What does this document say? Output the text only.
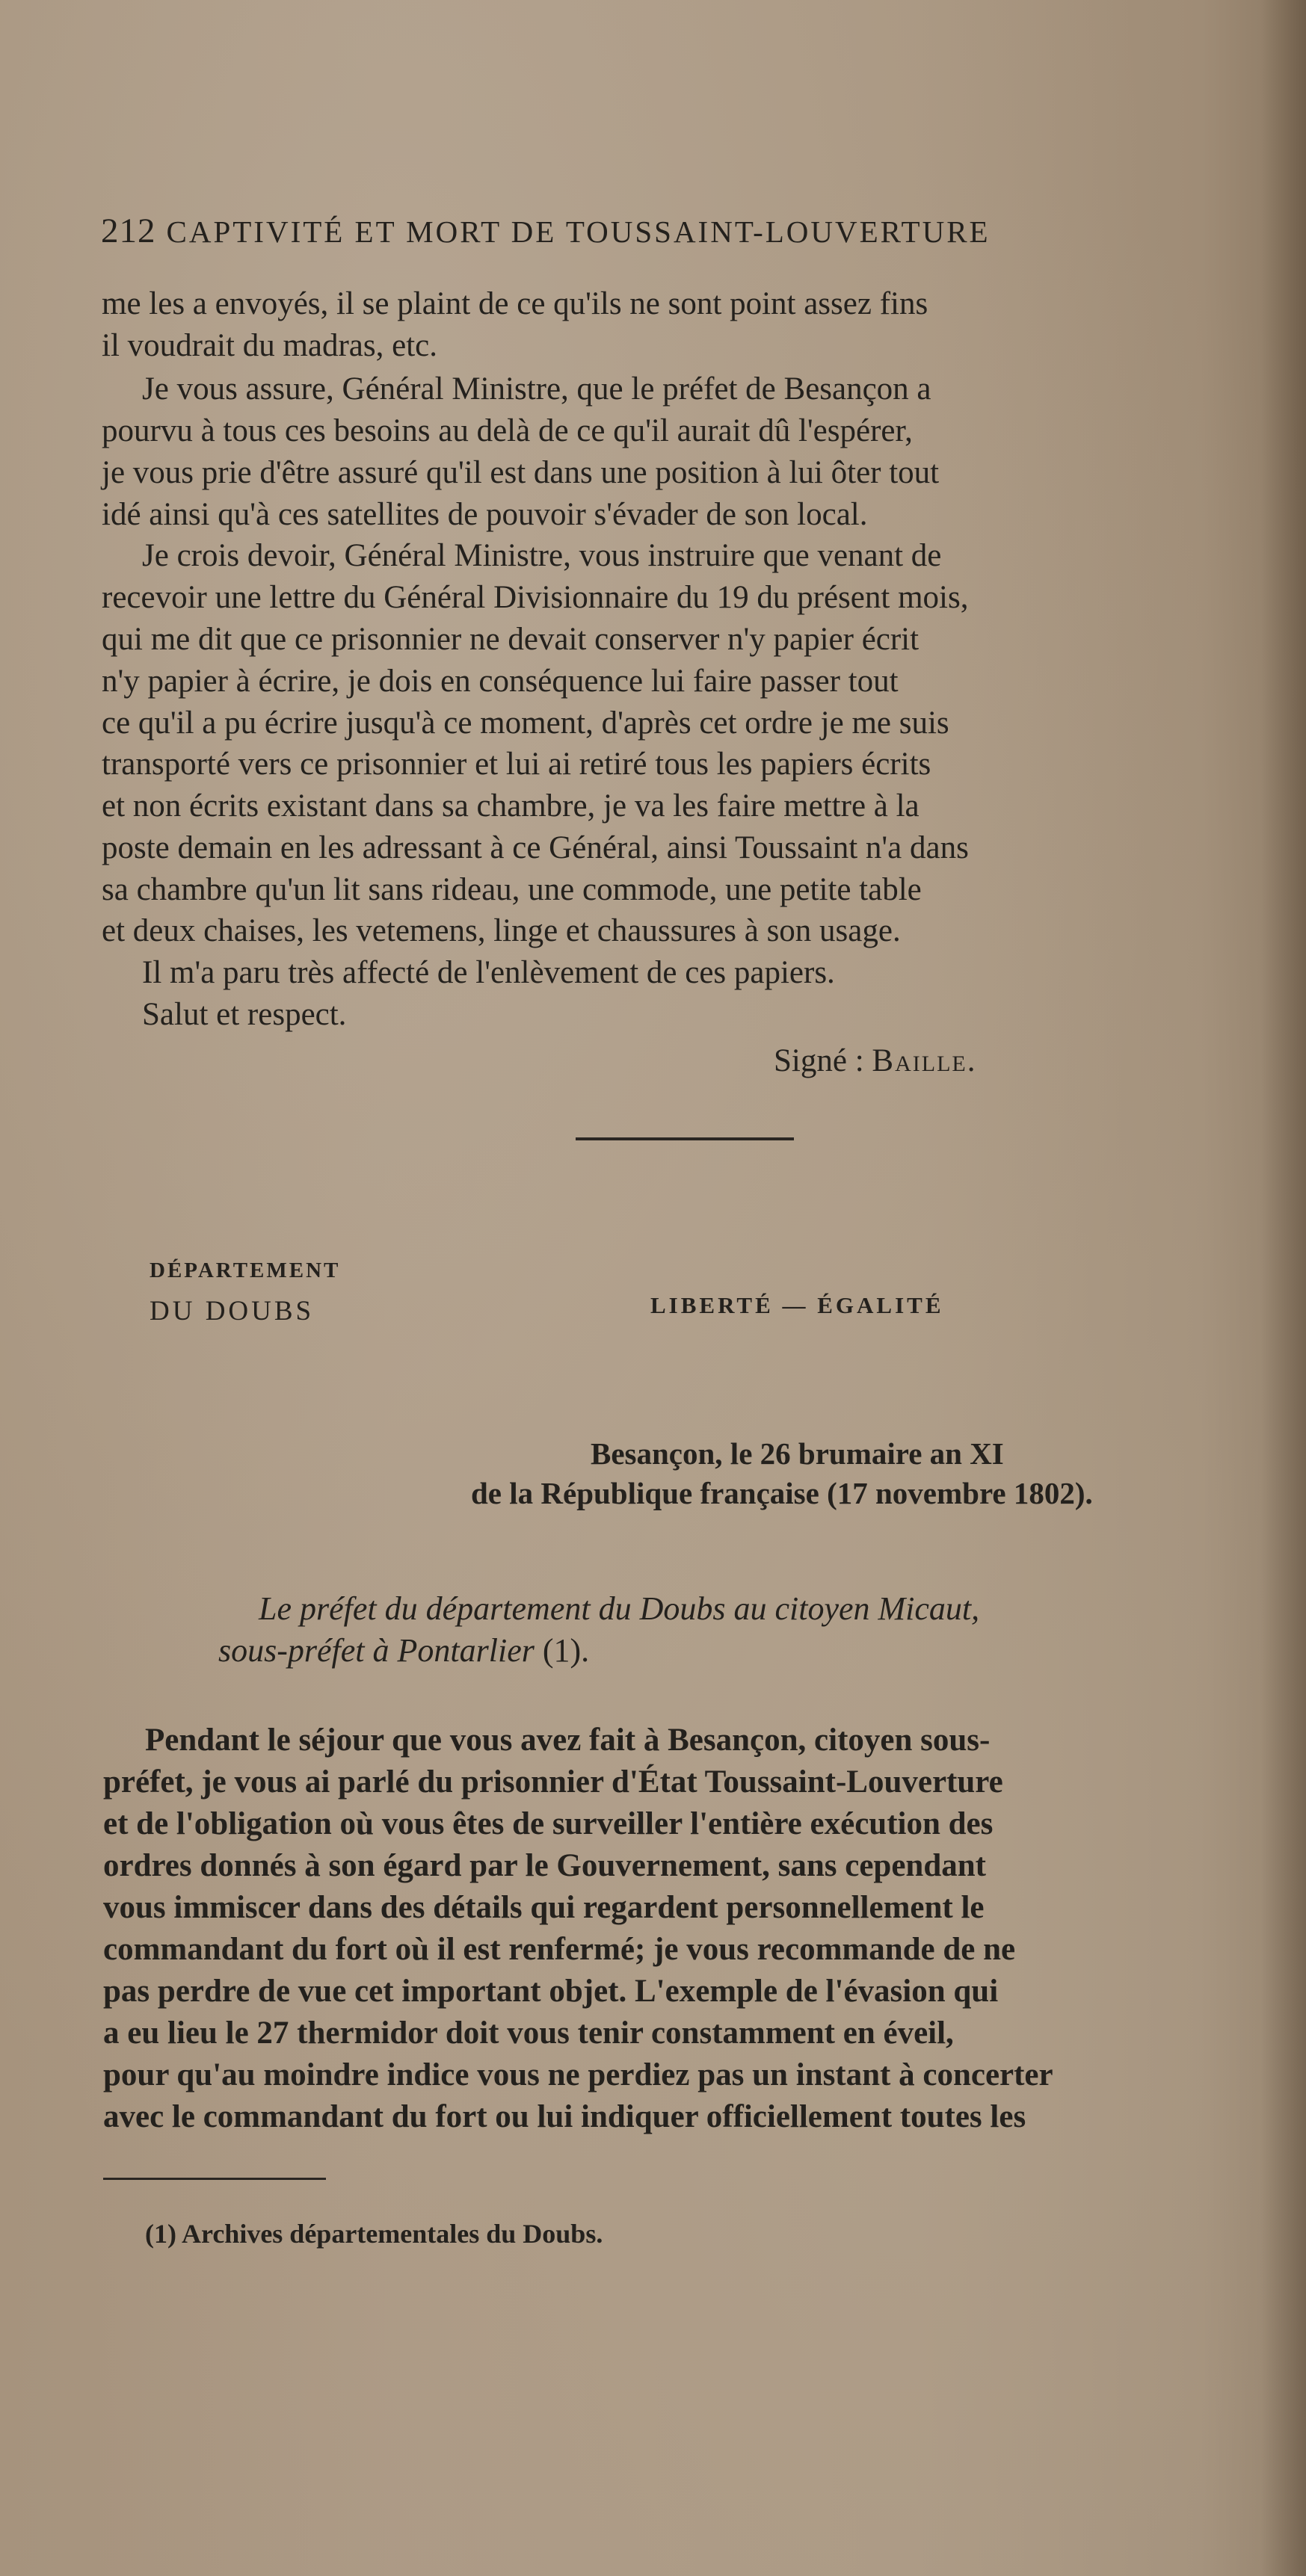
212 CAPTIVITÉ ET MORT DE TOUSSAINT-LOUVERTURE
me les a envoyés, il se plaint de ce qu'ils ne sont point assez fins
il voudrait du madras, etc.
Je vous assure, Général Ministre, que le préfet de Besançon a
pourvu à tous ces besoins au delà de ce qu'il aurait dû l'espérer,
je vous prie d'être assuré qu'il est dans une position à lui ôter tout
idé ainsi qu'à ces satellites de pouvoir s'évader de son local.
Je crois devoir, Général Ministre, vous instruire que venant de
recevoir une lettre du Général Divisionnaire du 19 du présent mois,
qui me dit que ce prisonnier ne devait conserver n'y papier écrit
n'y papier à écrire, je dois en conséquence lui faire passer tout
ce qu'il a pu écrire jusqu'à ce moment, d'après cet ordre je me suis
transporté vers ce prisonnier et lui ai retiré tous les papiers écrits
et non écrits existant dans sa chambre, je va les faire mettre à la
poste demain en les adressant à ce Général, ainsi Toussaint n'a dans
sa chambre qu'un lit sans rideau, une commode, une petite table
et deux chaises, les vetemens, linge et chaussures à son usage.
Il m'a paru très affecté de l'enlèvement de ces papiers.
Salut et respect.
Signé : Baille.
DÉPARTEMENT
DU DOUBS	LIBERTÉ — ÉGALITÉ
Besançon, le 26 brumaire an XI
de la République française (17 novembre 1802).
Le préfet du département du Doubs au citoyen Micaut,
sous-préfet à Pontarlier (1).
Pendant le séjour que vous avez fait à Besançon, citoyen sous-
préfet, je vous ai parlé du prisonnier d'État Toussaint-Louverture
et de l'obligation où vous êtes de surveiller l'entière exécution des
ordres donnés à son égard par le Gouvernement, sans cependant
vous immiscer dans des détails qui regardent personnellement le
commandant du fort où il est renfermé; je vous recommande de ne
pas perdre de vue cet important objet. L'exemple de l'évasion qui
a eu lieu le 27 thermidor doit vous tenir constamment en éveil,
pour qu'au moindre indice vous ne perdiez pas un instant à concerter
avec le commandant du fort ou lui indiquer officiellement toutes les
(1) Archives départementales du Doubs.
